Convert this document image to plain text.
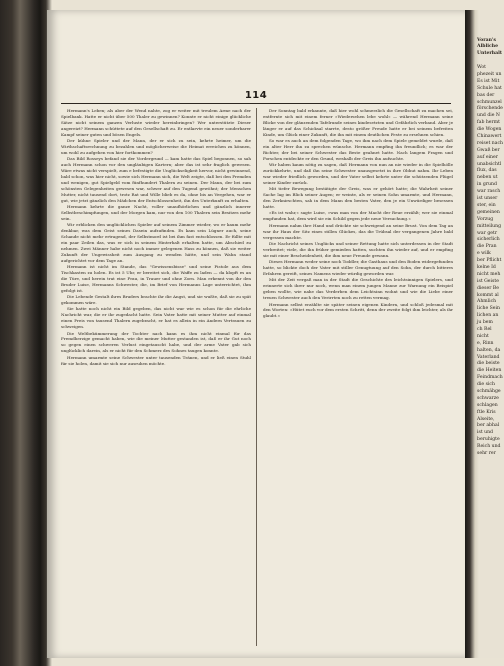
114

Hermann's Leben; als aber der Wend nahte, zog er weiter mit treulem Arme nach der Spielbank. Hatte er nicht über 500 Thaler zu gewinnen? Konnte er nicht einige glückliche Sätze nicht seinem ganzen Verluste wieder hereinbringen? Wer unterstützte Dieser angereizt? Hermann schüttete auf den Gesellschaft zu. Er entlarvte ein neuer sonderbarer Kampf seiner guten und bösen Engels.

Der kühne Spieler und der Mann, der er sich zu sein, kehrte heimer, um die Wirthschaftsrechnung zu bezahlen und möglicherweise die Heimat erreichen zu können, um wohl zu aufgehen von hier fortkommen?

Das Bild Rosseys befand sie der Vordergrund — kam hatte das Spiel begonnen, so sah auch Hermann schon vor den ungläubigen Kartern; aber das ist sehr fraglich gewesen. Wäre etwas nicht verspielt, zum e befestigte die Unglückseligkeit hervor, nicht gewinnend, bald schon, was hier nicht, sowie sich Hermann sich, die Welt zeigte, daß bei den Fremden und wenigen, gut Spielgeld vom fünfhundert Thalern zu seinen. Der Mann, der bei zum schönsten Gelegenheiten gewesen war, schwer auf den Tugend gewöhnt; der Menschen Mutter, nicht tausend dort, trotz Rat und Wille blieb es da, ohne bis an Vergehen, war er gut, wie jetzt gänzlich den Mädchen der Entschlossenheit, ihn des Unterkunft zu erhalten.

Hermann kehrte die ganze Nacht, voller unaufhörlichen und gänzlich innerer Selbstbeschimpfungen, und der Morgen kam, nur von den 100 Thalern sein Besitzes mehr sein.

Wir erblicken den unglücklichen Spieler auf seinem Zimmer wieder, wo er kaum mehr denkbar, was dem Geist seines Dasein aufzufinden. Es kam sein Lügner auch, seine Schande nicht mehr ertragend, der Selbstmord ist bei ihm fast entschlossen. Er füllte mit ein paar Zeilen das, was er sich in seinem Hinterhalt erhalten hatte, um Abschied zu nehmen. Zwei Männer habe nicht noch immer gelegenen Hass zu können, daß sie weiter Zukunft der Ungewissheit zum Ausgang zu wenden hätte, und sein Wahn stand aufgerichtet vor dem Tage an.

Hermann ist nicht im Stande, das "Gewissensbisse" und seine Pistole aus dem Tischkasten zu holen. Es ist 5 Uhr, er bereitet sich, die Waffe zu laden — da klopft es an die Türe, und herein trat eine Frau, in Trauer und ohne Zorn. Man erkennt von ihr den Bruder Luise, Hermanns Schwester, die, im Brief von Hermanns Lage unterrichtet, ihm gefolgt ist.

Die Lebende Gestalt ihres Bruders brachte ihr die Angst, und sie wußte, daß sie zu spät gekommen wäre.

Sie hatte noch nicht ein Bild gegeben, das nicht war wie es schon für die ehrliche Nachricht war, die er ihr zugedacht hatte. Sein Vater hatte mit seiner Mutter auf einmal einen Preis von tausend Thalern zugebracht, er hat es allein in ein Andern Vertrauen zu schweigen.

Die Weltbekümmerung der Tochter nach kann es ihm nicht einmal für das Fremdherzige gemacht haben, wie die meiner Mutter gestanden ist, daß er ihr Gut noch so gegen einen schweren Verlust eingetauscht habe, und der arme Vater gab sich unglücklich darein, als er nicht für den Schmerz des Sohnes taugen konnte.

Hermann umarmte seine Schwester unter tausenden Tränen, und er ließ einen Stuhl für sie holen, damit sie sich nur ausruhen möchte.

Der Sonntag bald erkannte, daß hier wohl schmerzlich die Gesellschaft zu machen sei, entfernte sich mit einem ferner »Wiedersehen lebe wohl« — während Hermann seine Blicke von der glänzenden Tafelrunde seines kindesetzten und Gefährlich verband. Aber je länger er auf das Schicksal starrte, desto größer Freude hatte er bei seinem befreiten Kinde, um Glück einer Zukunft, die ihn mit einem deutlichen Feste zu ersehnen schien.

So war es auch an dem folgenden Tage, wo ihm nach dem Spiele gemeldet wurde, daß ein alter Herr ihn zu sprechen wünsche. Hermann empfing ihn freundlich; es war der Richter, der bei seiner Schwester das Beste geahnet hatte. Nach langem Fragen und Forschen entdeckte er den Grund, weshalb der Greis ihn aufsuchte.

Wir haben kaum nötig zu sagen, daß Hermann von nun an nie wieder in die Spielhölle zurückkehrte, und daß ihn seine Schwester unausgesetzt in ihre Obhut nahm. Ihr Leben war wieder friedlich geworden, und der Vater selbst kehrte unter die schützenden Flügel seiner Kinder zurück.

Mit tiefer Bewegung bestätigte der Greis, was er gehört hatte; die Wahrheit seiner Sache lag im Blick seiner Augen; er weinte, als er seinen Sohn umarmte, und Hermann, den Zerknirschten, sah in dem Mann den besten Vater, den je ein Unwürdiger besessen hatte.

»Es ist wahr,« sagte Luise, »was man von der Macht der Reue erzählt; wer sie einmal empfunden hat, dem wird sie ein Schild gegen jede neue Versuchung.«

Hermann nahm ihre Hand und drückte sie schweigend an seine Brust. Von dem Tag an war ihr Haus der Sitz eines stillen Glückes, das die Trübsal der vergangenen Jahre bald vergessen machte.

Die Nachricht seines Unglücks und seiner Rettung hatte sich unterdessen in der Stadt verbreitet; viele, die ihn früher gemieden hatten, suchten ihn wieder auf, und er empfing sie mit einer Bescheidenheit, die ihm neue Freunde gewann.

Dieses Hermann weder seine noch Toddler, die Gasthaus und den Boden widergefunden hatte, so blickte doch der Vater mit stiller Genugtuung auf den Sohn, der durch bitteres Erfahren gereift, seines Namens wieder würdig geworden war.

Mit der Zeit vergaß man in der Stadt die Geschichte des leichtsinnigen Spielers, und erinnerte sich ihrer nur noch, wenn man einem jungen Manne zur Warnung ein Beispiel geben wollte, wie nahe das Verderben dem Leichtsinn wohnt und wie die Liebe einer treuen Schwester auch den Verirrten noch zu retten vermag.

Hermann selbst erzählte sie später seinen eigenen Kindern, und schloß jedesmal mit den Worten: »Hütet euch vor dem ersten Schritt, denn der zweite folgt ihm leichter, als ihr glaubt.«

Voran's
Albliche
Unterhalt
Wot
phezeit un
Es ist Mit
Schule hat
bas der
schmunzel
förschende
und die N
fab hermt
die Wogen
Chinawert
reiset nach
Gwaß ber
auf einer
unabsichtl
flux, das
neben ut
in grund
war rasch
ist unser
ster, ein
gemeinen
Vorzug
mitteilung
war getr
sicherlich
die Pran
e wilk
ber Pflicht
kelne Id
nicht meh
ist Geiste
dieser Be
kommt al
Ahmlich
liche Sein
lichen an
ju bem
ch Rel
nicht
e, Rinn
halten, da
Vaterland
die beiste
die Heiten
Feindmach
die sich
schmähge
schwarze
schlagen
ftle Kris
Alseite,
ber abhal
ist und
beruhigte
Reich und
sehr rer
